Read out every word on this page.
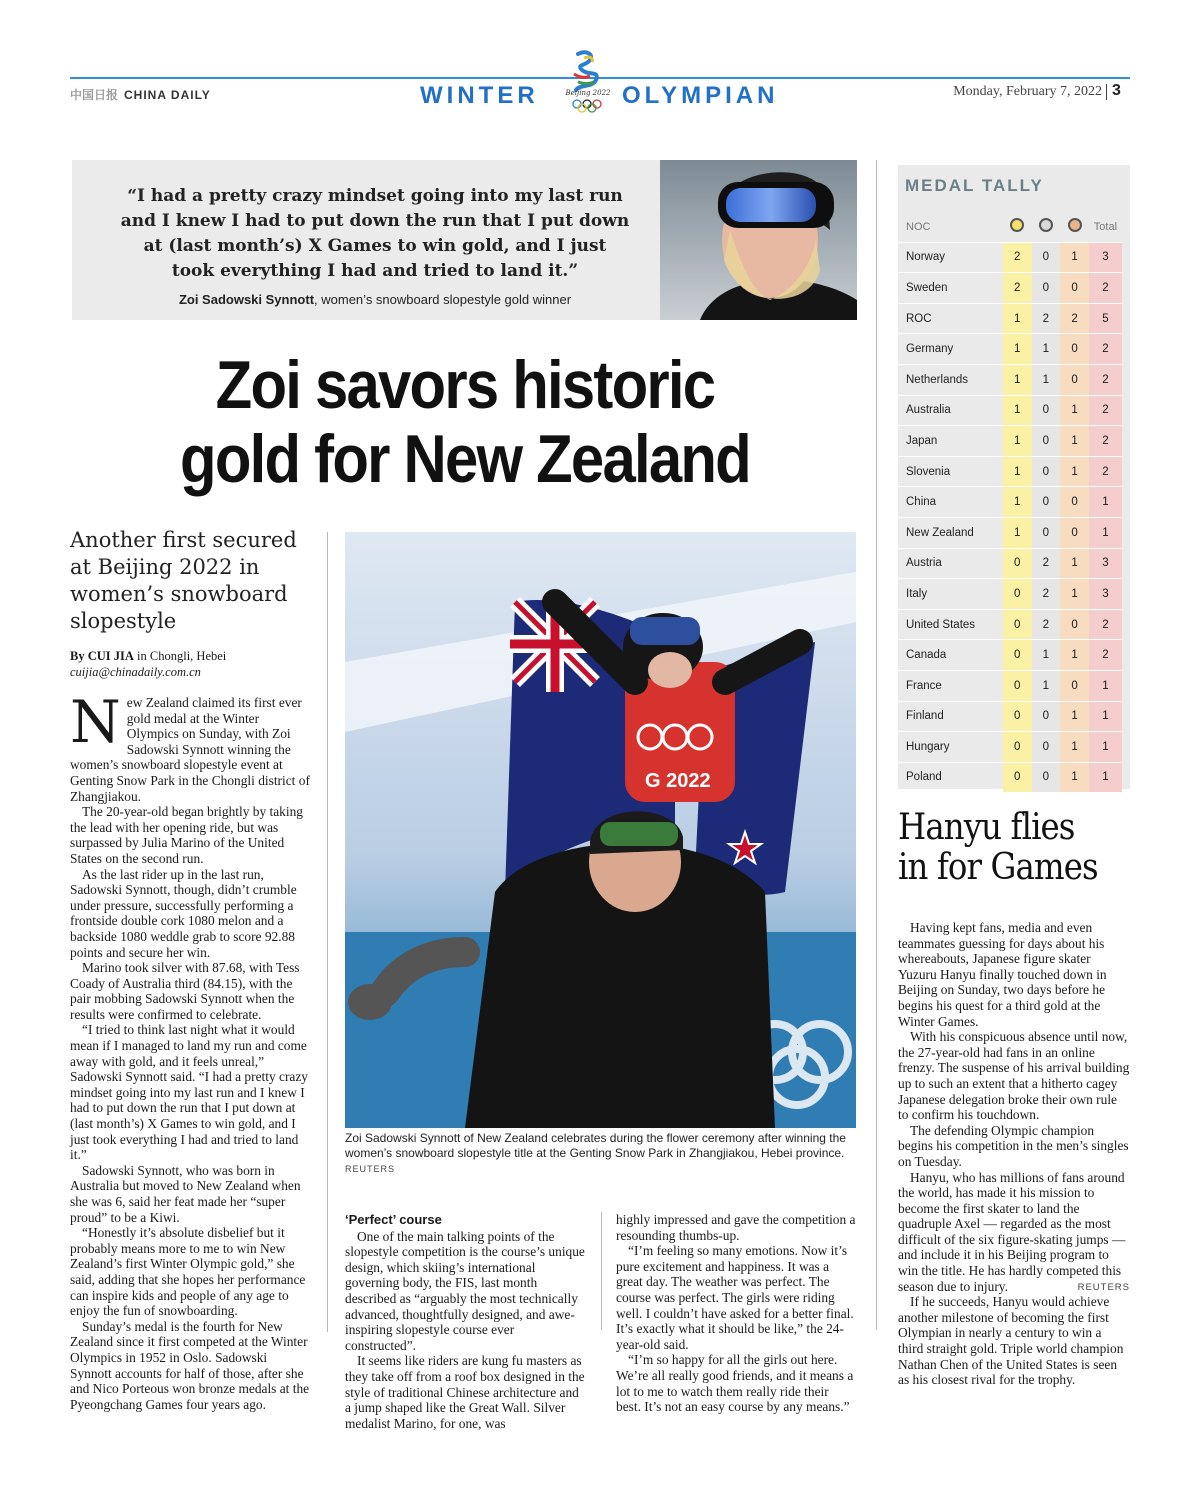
中国日报 CHINA DAILY	WINTER	Beijing 2022 OLYMPIAN	Monday, February 7, 2022 3
“I had a pretty crazy mindset going into my last run and I knew I had to put down the run that I put down at (last month’s) X Games to win gold, and I just took everything I had and tried to land it.”
Zoi Sadowski Synnott, women’s snowboard slopestyle gold winner
Zoi savors historic
gold for New Zealand
Another first secured at Beijing 2022 in women’s snowboard slopestyle
By CUI JIA in Chongli, Hebei
cuijia@chinadaily.com.cn

New Zealand claimed its first ever gold medal at the Winter Olympics on Sunday, with Zoi Sadowski Synnott winning the women’s snowboard slopestyle event at Genting Snow Park in the Chongli district of Zhangjiakou.

The 20-year-old began brightly by taking the lead with her opening ride, but was surpassed by Julia Marino of the United States on the second run.

As the last rider up in the last run, Sadowski Synnott, though, didn’t crumble under pressure, successfully performing a frontside double cork 1080 melon and a backside 1080 weddle grab to score 92.88 points and secure her win.

Marino took silver with 87.68, with Tess Coady of Australia third (84.15), with the pair mobbing Sadowski Synnott when the results were confirmed to celebrate.

“I tried to think last night what it would mean if I managed to land my run and come away with gold, and it feels unreal,” Sadowski Synnott said. “I had a pretty crazy mindset going into my last run and I knew I had to put down the run that I put down at (last month’s) X Games to win gold, and I just took everything I had and tried to land it.”

Sadowski Synnott, who was born in Australia but moved to New Zealand when she was 6, said her feat made her “super proud” to be a Kiwi.

“Honestly it’s absolute disbelief but it probably means more to me to win New Zealand’s first Winter Olympic gold,” she said, adding that she hopes her performance can inspire kids and people of any age to enjoy the fun of snowboarding.

Sunday’s medal is the fourth for New Zealand since it first competed at the Winter Olympics in 1952 in Oslo. Sadowski Synnott accounts for half of those, after she and Nico Porteous won bronze medals at the Pyeongchang Games four years ago.

G 2022
Zoi Sadowski Synnott of New Zealand celebrates during the flower ceremony after winning the women’s snowboard slopestyle title at the Genting Snow Park in Zhangjiakou, Hebei province. REUTERS
‘Perfect’ course

One of the main talking points of the slopestyle competition is the course’s unique design, which skiing’s international governing body, the FIS, last month described as “arguably the most technically advanced, thoughtfully designed, and awe-inspiring slopestyle course ever constructed”.

It seems like riders are kung fu masters as they take off from a roof box designed in the style of traditional Chinese architecture and a jump shaped like the Great Wall. Silver medalist Marino, for one, was

highly impressed and gave the competition a resounding thumbs-up.

“I’m feeling so many emotions. Now it’s pure excitement and happiness. It was a great day. The weather was perfect. The course was perfect. The girls were riding well. I couldn’t have asked for a better final. It’s exactly what it should be like,” the 24-year-old said.

“I’m so happy for all the girls out here. We’re all really good friends, and it means a lot to me to watch them really ride their best. It’s not an easy course by any means.”

MEDAL TALLY
NOC				Total
Norway	2	0	1	3
Sweden	2	0	0	2
ROC	1	2	2	5
Germany	1	1	0	2
Netherlands	1	1	0	2
Australia	1	0	1	2
Japan	1	0	1	2
Slovenia	1	0	1	2
China	1	0	0	1
New Zealand	1	0	0	1
Austria	0	2	1	3
Italy	0	2	1	3
United States	0	2	0	2
Canada	0	1	1	2
France	0	1	0	1
Finland	0	0	1	1
Hungary	0	0	1	1
Poland	0	0	1	1
Hanyu flies
in for Games

Having kept fans, media and even teammates guessing for days about his whereabouts, Japanese figure skater Yuzuru Hanyu finally touched down in Beijing on Sunday, two days before he begins his quest for a third gold at the Winter Games.

With his conspicuous absence until now, the 27-year-old had fans in an online frenzy. The suspense of his arrival building up to such an extent that a hitherto cagey Japanese delegation broke their own rule to confirm his touchdown.

The defending Olympic champion begins his competition in the men’s singles on Tuesday.

Hanyu, who has millions of fans around the world, has made it his mission to become the first skater to land the quadruple Axel — regarded as the most difficult of the six figure-skating jumps — and include it in his Beijing program to win the title. He has hardly competed this season due to injury.

If he succeeds, Hanyu would achieve another milestone of becoming the first Olympian in nearly a century to win a third straight gold. Triple world champion Nathan Chen of the United States is seen as his closest rival for the trophy.

REUTERS
